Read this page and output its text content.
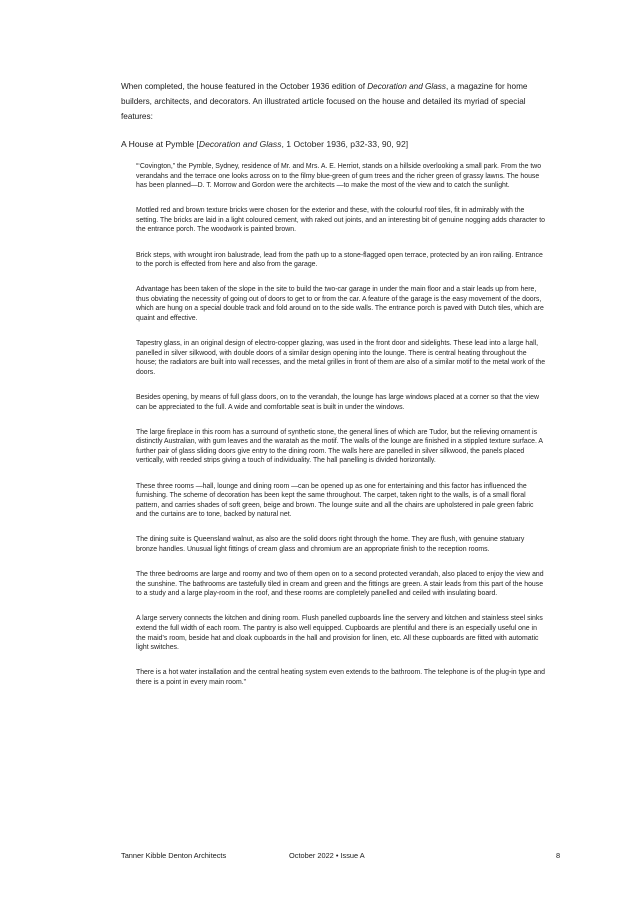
When completed, the house featured in the October 1936 edition of Decoration and Glass, a magazine for home builders, architects, and decorators. An illustrated article focused on the house and detailed its myriad of special features:

A House at Pymble [Decoration and Glass, 1 October 1936, p32-33, 90, 92]

“‘Covington,” the Pymble, Sydney, residence of Mr. and Mrs. A. E. Herriot, stands on a hillside overlooking a small park. From the two verandahs and the terrace one looks across on to the filmy blue-green of gum trees and the richer green of grassy lawns. The house has been planned—D. T. Morrow and Gordon were the architects —to make the most of the view and to catch the sunlight.

Mottled red and brown texture bricks were chosen for the exterior and these, with the colourful roof tiles, fit in admirably with the setting. The bricks are laid in a light coloured cement, with raked out joints, and an interesting bit of genuine nogging adds character to the entrance porch. The woodwork is painted brown.

Brick steps, with wrought iron balustrade, lead from the path up to a stone-flagged open terrace, protected by an iron railing. Entrance to the porch is effected from here and also from the garage.

Advantage has been taken of the slope in the site to build the two-car garage in under the main floor and a stair leads up from here, thus obviating the necessity of going out of doors to get to or from the car. A feature of the garage is the easy movement of the doors, which are hung on a special double track and fold around on to the side walls. The entrance porch is paved with Dutch tiles, which are quaint and effective.

Tapestry glass, in an original design of electro-copper glazing, was used in the front door and sidelights. These lead into a large hall, panelled in silver silkwood, with double doors of a similar design opening into the lounge. There is central heating throughout the house; the radiators are built into wall recesses, and the metal grilles in front of them are also of a similar motif to the metal work of the doors.

Besides opening, by means of full glass doors, on to the verandah, the lounge has large windows placed at a corner so that the view can be appreciated to the full. A wide and comfortable seat is built in under the windows.

The large fireplace in this room has a surround of synthetic stone, the general lines of which are Tudor, but the relieving ornament is distinctly Australian, with gum leaves and the waratah as the motif. The walls of the lounge are finished in a stippled texture surface. A further pair of glass sliding doors give entry to the dining room. The walls here are panelled in silver silkwood, the panels placed vertically, with reeded strips giving a touch of individuality. The hall panelling is divided horizontally.

These three rooms —hall, lounge and dining room —can be opened up as one for entertaining and this factor has influenced the furnishing. The scheme of decoration has been kept the same throughout. The carpet, taken right to the walls, is of a small floral pattern, and carries shades of soft green, beige and brown. The lounge suite and all the chairs are upholstered in pale green fabric and the curtains are to tone, backed by natural net.

The dining suite is Queensland walnut, as also are the solid doors right through the home. They are flush, with genuine statuary bronze handles. Unusual light fittings of cream glass and chromium are an appropriate finish to the reception rooms.

The three bedrooms are large and roomy and two of them open on to a second protected verandah, also placed to enjoy the view and the sunshine. The bathrooms are tastefully tiled in cream and green and the fittings are green. A stair leads from this part of the house to a study and a large play-room in the roof, and these rooms are completely panelled and ceiled with insulating board.

A large servery connects the kitchen and dining room. Flush panelled cupboards line the servery and kitchen and stainless steel sinks extend the full width of each room. The pantry is also well equipped. Cupboards are plentiful and there is an especially useful one in the maid’s room, beside hat and cloak cupboards in the hall and provision for linen, etc. All these cupboards are fitted with automatic light switches.

There is a hot water installation and the central heating system even extends to the bathroom. The telephone is of the plug-in type and there is a point in every main room.”

Tanner Kibble Denton Architects	October 2022 • Issue A	8
